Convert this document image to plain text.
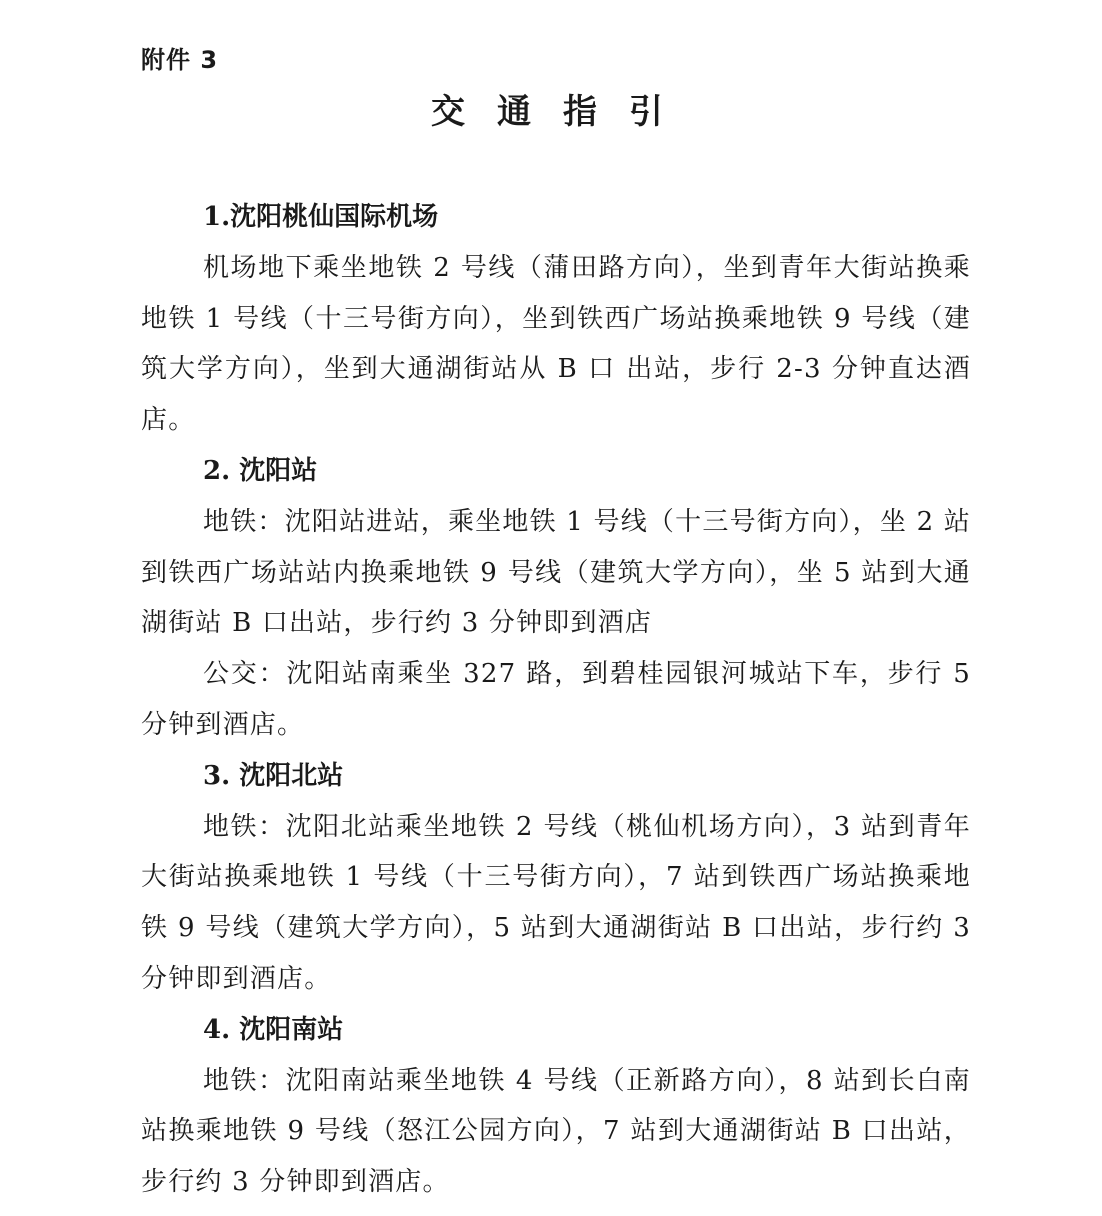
附件 3
交通指引

1.沈阳桃仙国际机场

机场地下乘坐地铁 2 号线（蒲田路方向），坐到青年大街站换乘地铁 1 号线（十三号街方向），坐到铁西广场站换乘地铁 9 号线（建筑大学方向），坐到大通湖街站从 B 口 出站，步行 2-3 分钟直达酒店。

2. 沈阳站

地铁：沈阳站进站，乘坐地铁 1 号线（十三号街方向），坐 2 站到铁西广场站站内换乘地铁 9 号线（建筑大学方向），坐 5 站到大通湖街站 B 口出站，步行约 3 分钟即到酒店

公交：沈阳站南乘坐 327 路，到碧桂园银河城站下车，步行 5 分钟到酒店。

3. 沈阳北站

地铁：沈阳北站乘坐地铁 2 号线（桃仙机场方向），3 站到青年大街站换乘地铁 1 号线（十三号街方向），7 站到铁西广场站换乘地铁 9 号线（建筑大学方向），5 站到大通湖街站 B 口出站，步行约 3 分钟即到酒店。

4. 沈阳南站

地铁：沈阳南站乘坐地铁 4 号线（正新路方向），8 站到长白南站换乘地铁 9 号线（怒江公园方向），7 站到大通湖街站 B 口出站，步行约 3 分钟即到酒店。
